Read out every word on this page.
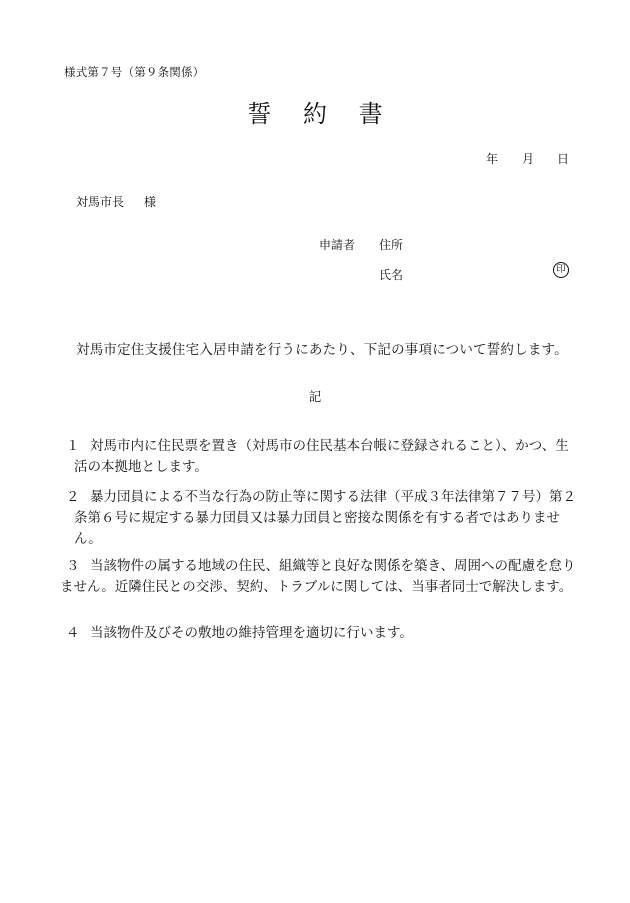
様式第７号（第９条関係）
誓 約 書
年 月 日
対馬市長 様
申請者 住所
氏名	印
対馬市定住支援住宅入居申請を行うにあたり、下記の事項について誓約します。
記
１ 対馬市内に住民票を置き（対馬市の住民基本台帳に登録されること）、かつ、生
活の本拠地とします。
２ 暴力団員による不当な行為の防止等に関する法律（平成３年法律第７７号）第２
条第６号に規定する暴力団員又は暴力団員と密接な関係を有する者ではありませ
ん。
３ 当該物件の属する地域の住民、組織等と良好な関係を築き、周囲への配慮を怠り
ません。近隣住民との交渉、契約、トラブルに関しては、当事者同士で解決します。
４ 当該物件及びその敷地の維持管理を適切に行います。
